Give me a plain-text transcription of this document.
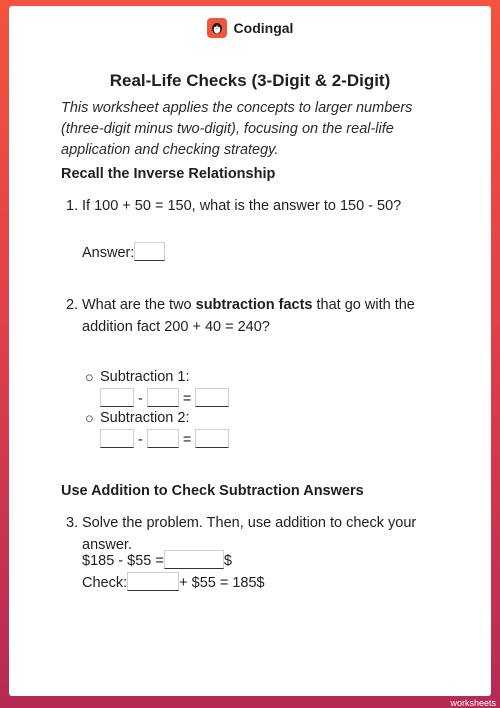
Codingal
Real-Life Checks (3-Digit & 2-Digit)

This worksheet applies the concepts to larger numbers (three-digit minus two-digit), focusing on the real-life application and checking strategy.

Recall the Inverse Relationship
1. If 100 + 50 = 150, what is the answer to 150 - 50?
Answer:
2. What are the two subtraction facts that go with the addition fact 200 + 40 = 240?
○ Subtraction 1:
-	=
○ Subtraction 2:
-	=
Use Addition to Check Subtraction Answers
3. Solve the problem. Then, use addition to check your answer.
$185 - $55 =	$
Check:	+ $55 = 185$
TOP
worksheets
